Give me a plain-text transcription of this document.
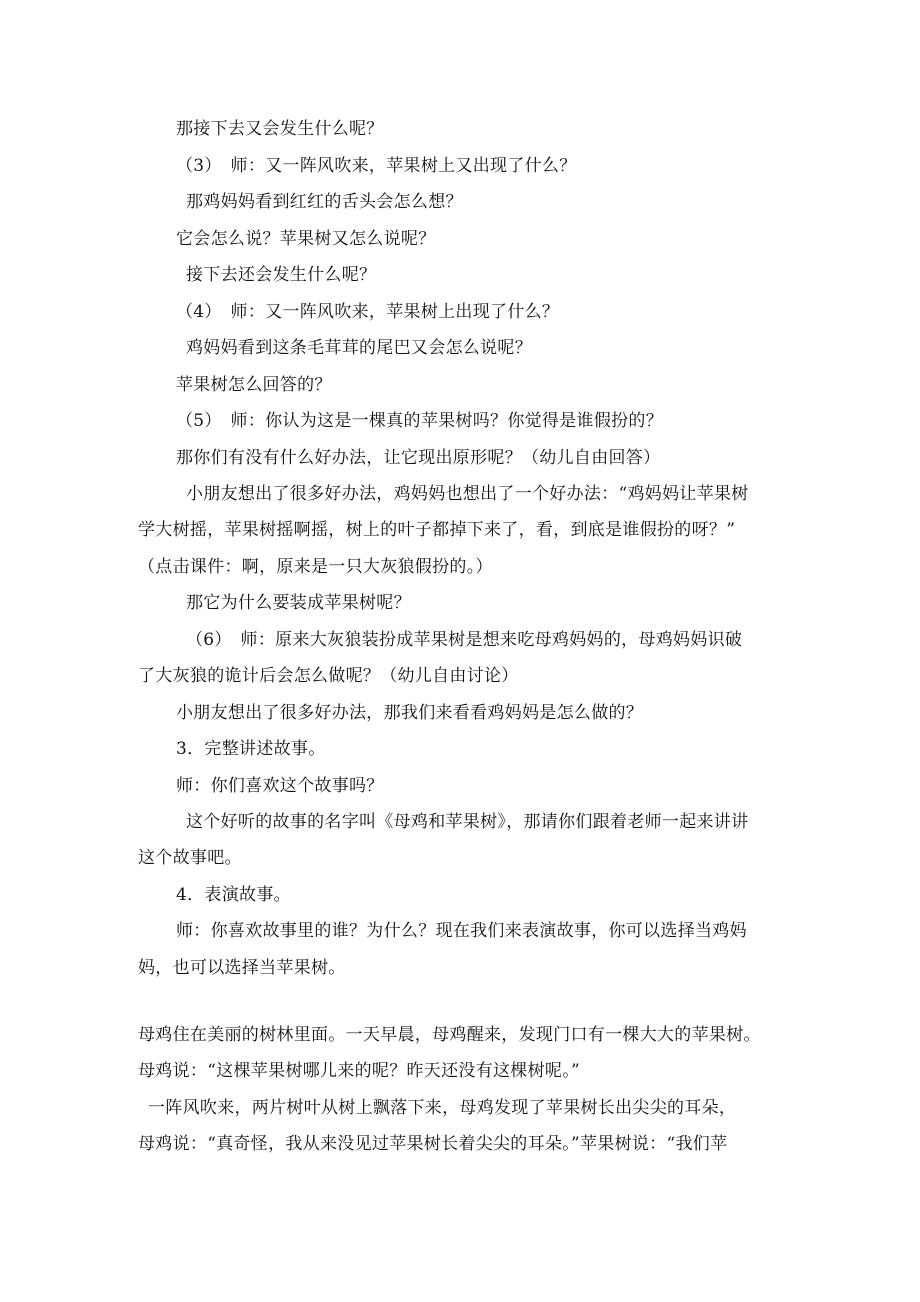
那接下去又会发生什么呢？
（3）　师：又一阵风吹来，苹果树上又出现了什么？
那鸡妈妈看到红红的舌头会怎么想？
它会怎么说？苹果树又怎么说呢？
接下去还会发生什么呢？
（4）　师：又一阵风吹来，苹果树上出现了什么？
鸡妈妈看到这条毛茸茸的尾巴又会怎么说呢？
苹果树怎么回答的？
（5）　师：你认为这是一棵真的苹果树吗？你觉得是谁假扮的？
那你们有没有什么好办法，让它现出原形呢？（幼儿自由回答）
小朋友想出了很多好办法，鸡妈妈也想出了一个好办法：“鸡妈妈让苹果树
学大树摇，苹果树摇啊摇，树上的叶子都掉下来了，看，到底是谁假扮的呀？”
（点击课件：啊，原来是一只大灰狼假扮的。）
那它为什么要装成苹果树呢？
（6）　师：原来大灰狼装扮成苹果树是想来吃母鸡妈妈的，母鸡妈妈识破
了大灰狼的诡计后会怎么做呢？（幼儿自由讨论）
小朋友想出了很多好办法，那我们来看看鸡妈妈是怎么做的？
3．完整讲述故事。
师：你们喜欢这个故事吗？
这个好听的故事的名字叫《母鸡和苹果树》，那请你们跟着老师一起来讲讲
这个故事吧。
4．表演故事。
师：你喜欢故事里的谁？为什么？现在我们来表演故事，你可以选择当鸡妈
妈，也可以选择当苹果树。
母鸡住在美丽的树林里面。一天早晨，母鸡醒来，发现门口有一棵大大的苹果树。
母鸡说：“这棵苹果树哪儿来的呢？昨天还没有这棵树呢。”
一阵风吹来，两片树叶从树上飘落下来，母鸡发现了苹果树长出尖尖的耳朵，
母鸡说：“真奇怪，我从来没见过苹果树长着尖尖的耳朵。”苹果树说：“我们苹
